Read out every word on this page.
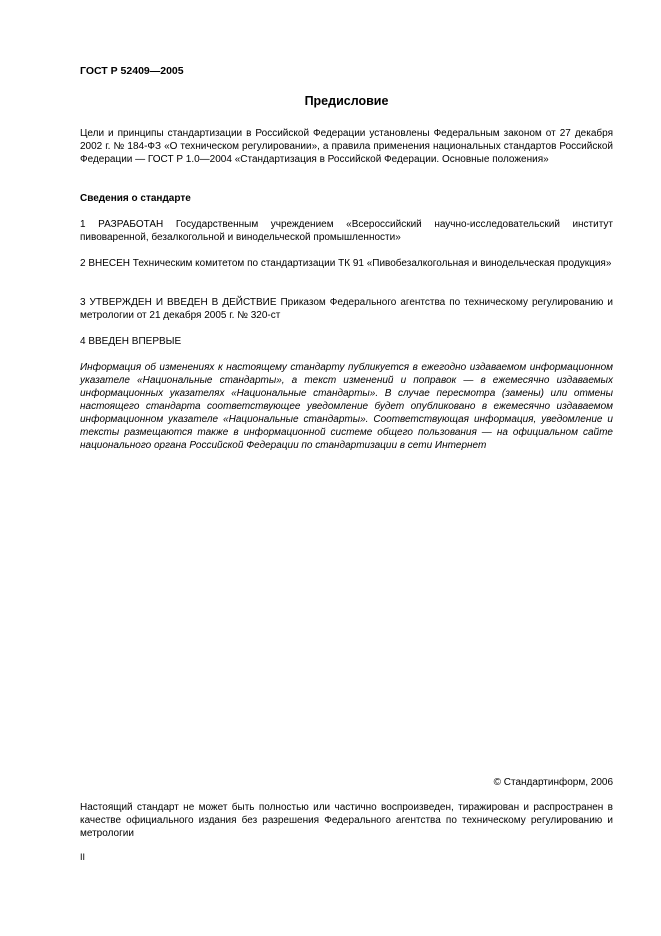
ГОСТ Р 52409—2005

Предисловие

Цели и принципы стандартизации в Российской Федерации установлены Федеральным законом от 27 декабря 2002 г. № 184-ФЗ «О техническом регулировании», а правила применения национальных стандартов Российской Федерации — ГОСТ Р 1.0—2004 «Стандартизация в Российской Федерации. Основные положения»

Сведения о стандарте

1 РАЗРАБОТАН Государственным учреждением «Всероссийский научно-исследовательский институт пивоваренной, безалкогольной и винодельческой промышленности»

2 ВНЕСЕН Техническим комитетом по стандартизации ТК 91 «Пивобезалкогольная и винодельческая продукция»

3 УТВЕРЖДЕН И ВВЕДЕН В ДЕЙСТВИЕ Приказом Федерального агентства по техническому регулированию и метрологии от 21 декабря 2005 г. № 320-ст

4 ВВЕДЕН ВПЕРВЫЕ

Информация об изменениях к настоящему стандарту публикуется в ежегодно издаваемом информационном указателе «Национальные стандарты», а текст изменений и поправок — в ежемесячно издаваемых информационных указателях «Национальные стандарты». В случае пересмотра (замены) или отмены настоящего стандарта соответствующее уведомление будет опубликовано в ежемесячно издаваемом информационном указателе «Национальные стандарты». Соответствующая информация, уведомление и тексты размещаются также в информационной системе общего пользования — на официальном сайте национального органа Российской Федерации по стандартизации в сети Интернет

© Стандартинформ, 2006

Настоящий стандарт не может быть полностью или частично воспроизведен, тиражирован и распространен в качестве официального издания без разрешения Федерального агентства по техническому регулированию и метрологии

II
